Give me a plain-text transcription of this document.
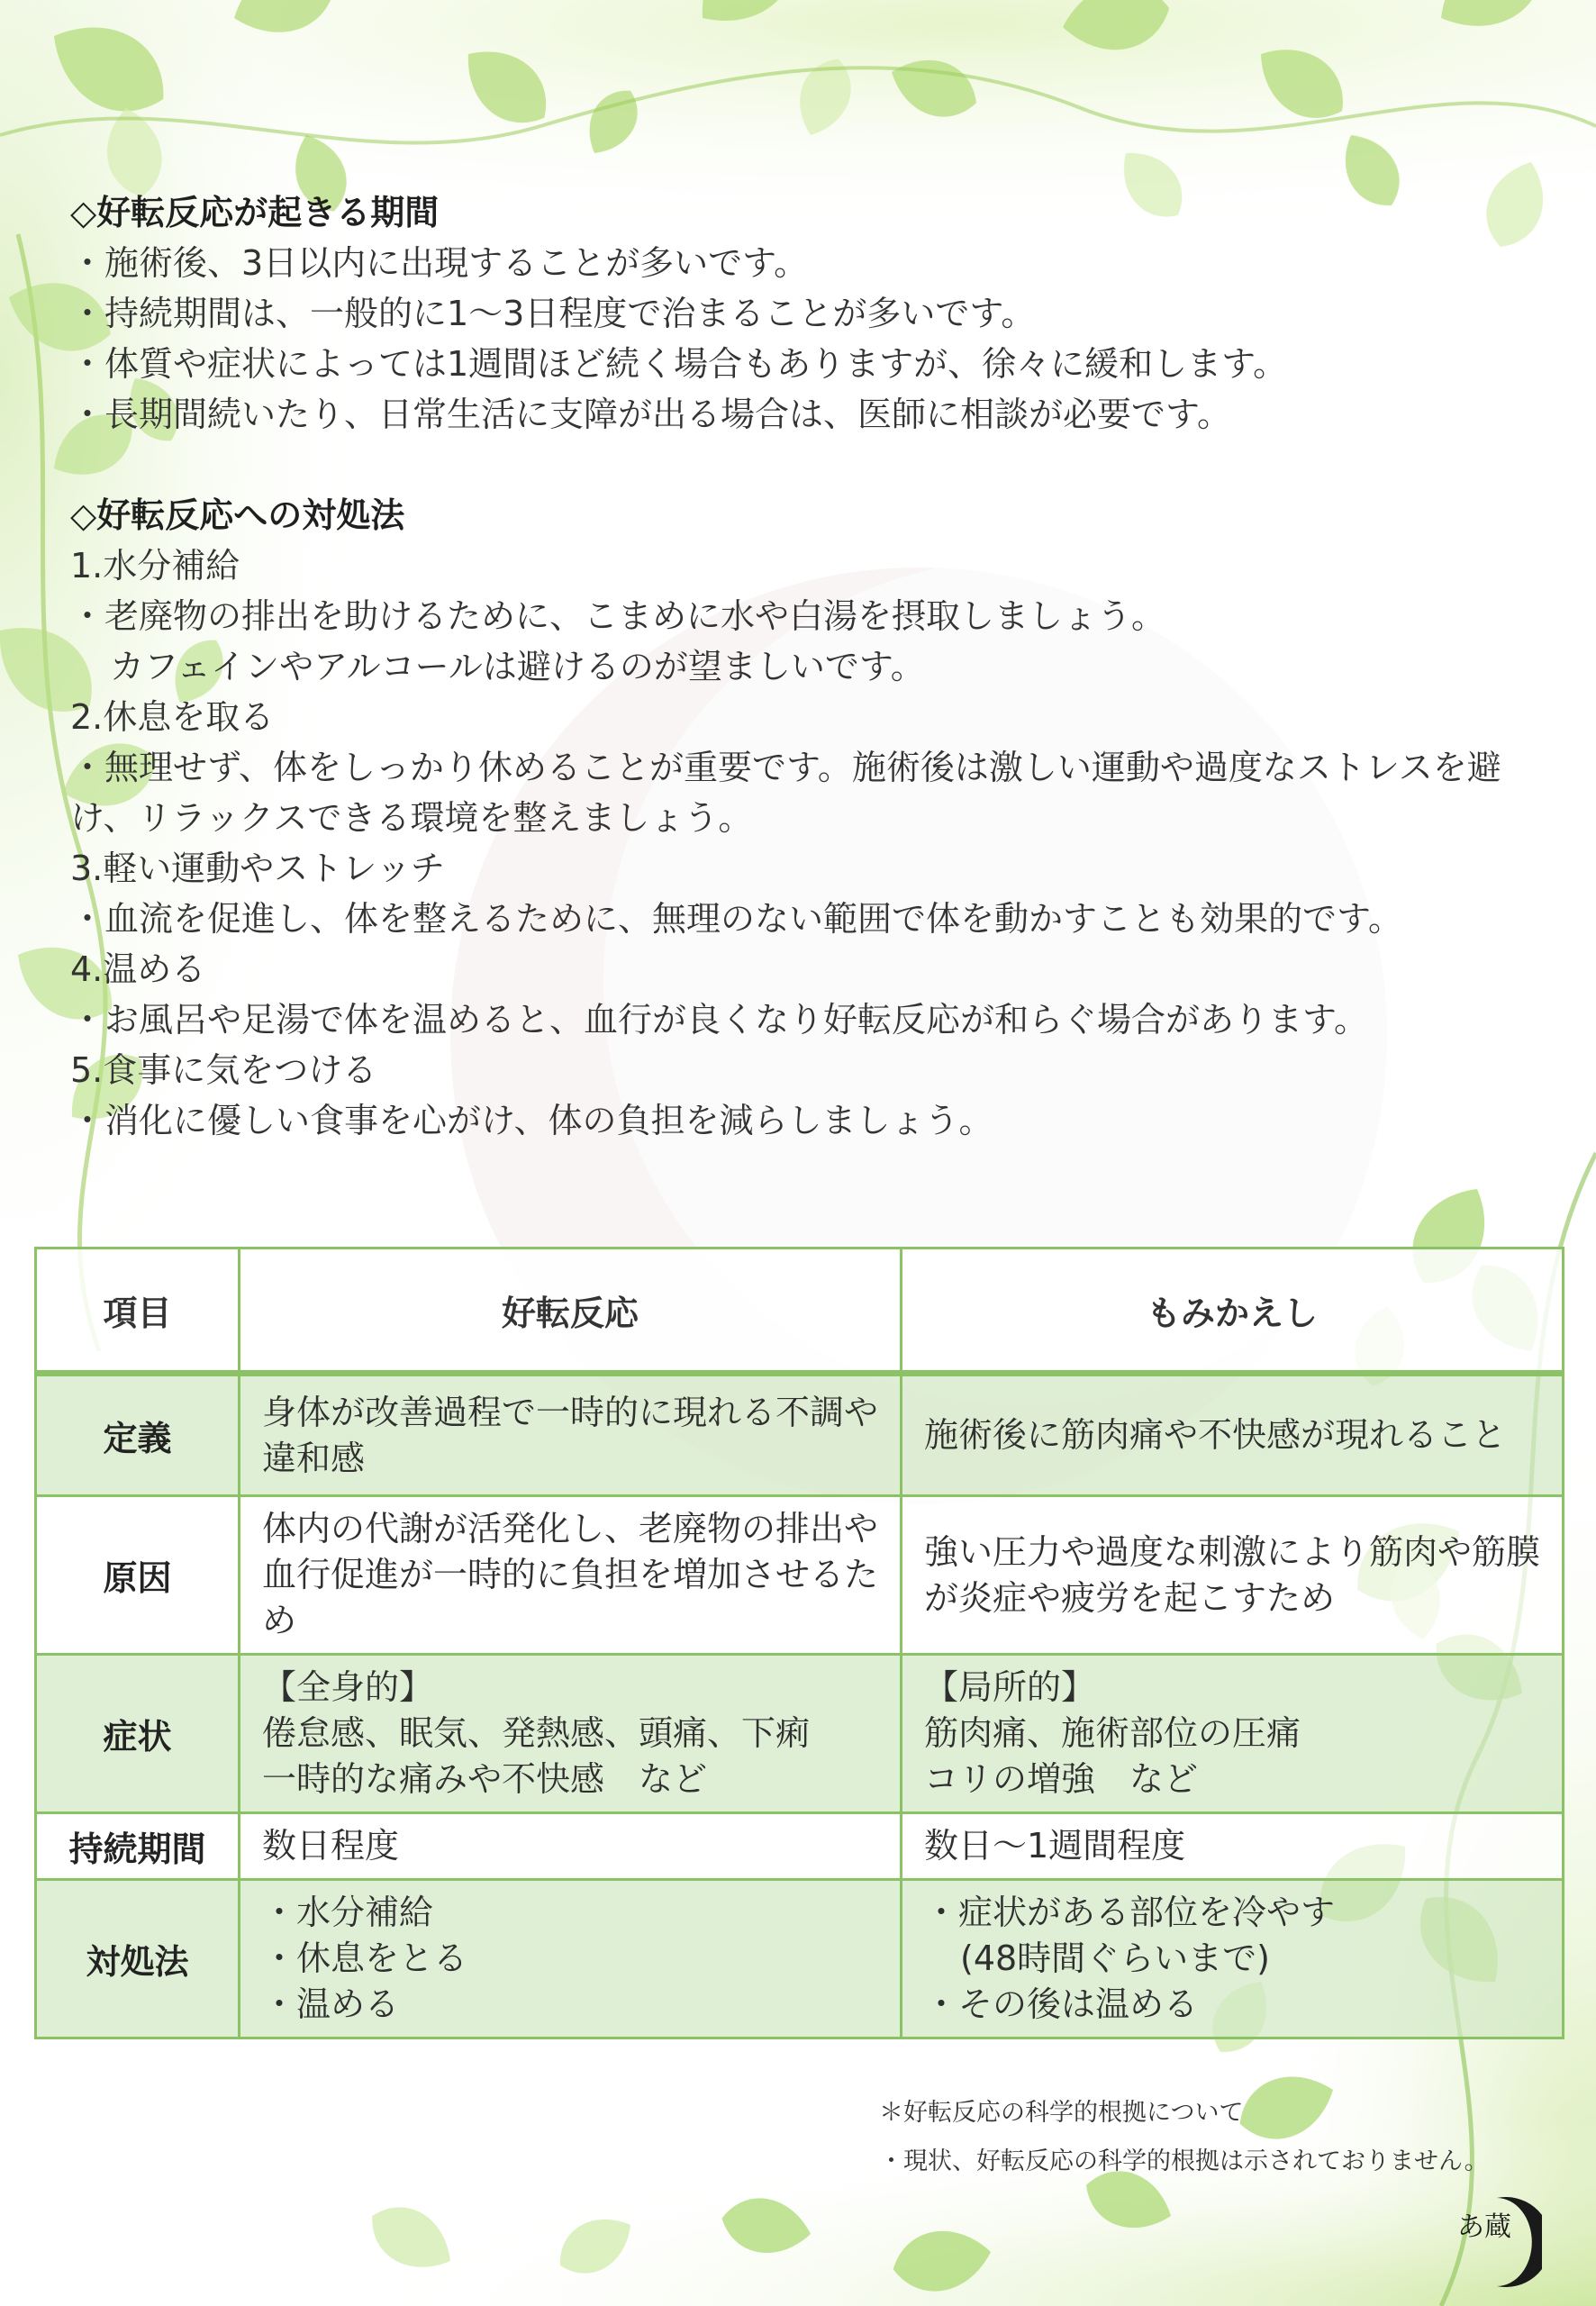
◇好転反応が起きる期間
・施術後、3日以内に出現することが多いです。
・持続期間は、一般的に1〜3日程度で治まることが多いです。
・体質や症状によっては1週間ほど続く場合もありますが、徐々に緩和します。
・長期間続いたり、日常生活に支障が出る場合は、医師に相談が必要です。
◇好転反応への対処法
1.水分補給
・老廃物の排出を助けるために、こまめに水や白湯を摂取しましょう。
カフェインやアルコールは避けるのが望ましいです。
2.休息を取る
・無理せず、体をしっかり休めることが重要です。施術後は激しい運動や過度なストレスを避け、リラックスできる環境を整えましょう。
3.軽い運動やストレッチ
・血流を促進し、体を整えるために、無理のない範囲で体を動かすことも効果的です。
4.温める
・お風呂や足湯で体を温めると、血行が良くなり好転反応が和らぐ場合があります。
5.食事に気をつける
・消化に優しい食事を心がけ、体の負担を減らしましょう。
項目	好転反応	もみかえし
定義	身体が改善過程で一時的に現れる不調や違和感	施術後に筋肉痛や不快感が現れること

原因	体内の代謝が活発化し、老廃物の排出や血行促進が一時的に負担を増加させるため	強い圧力や過度な刺激により筋肉や筋膜が炎症や疲労を起こすため

症状	【全身的】
倦怠感、眠気、発熱感、頭痛、下痢
一時的な痛みや不快感　など	【局所的】
筋肉痛、施術部位の圧痛
コリの増強　など

持続期間	数日程度	数日〜1週間程度

対処法	・水分補給
・休息をとる
・温める	・症状がある部位を冷やす
(48時間ぐらいまで)
・その後は温める
＊好転反応の科学的根拠について
・現状、好転反応の科学的根拠は示されておりません。
あ蔵
